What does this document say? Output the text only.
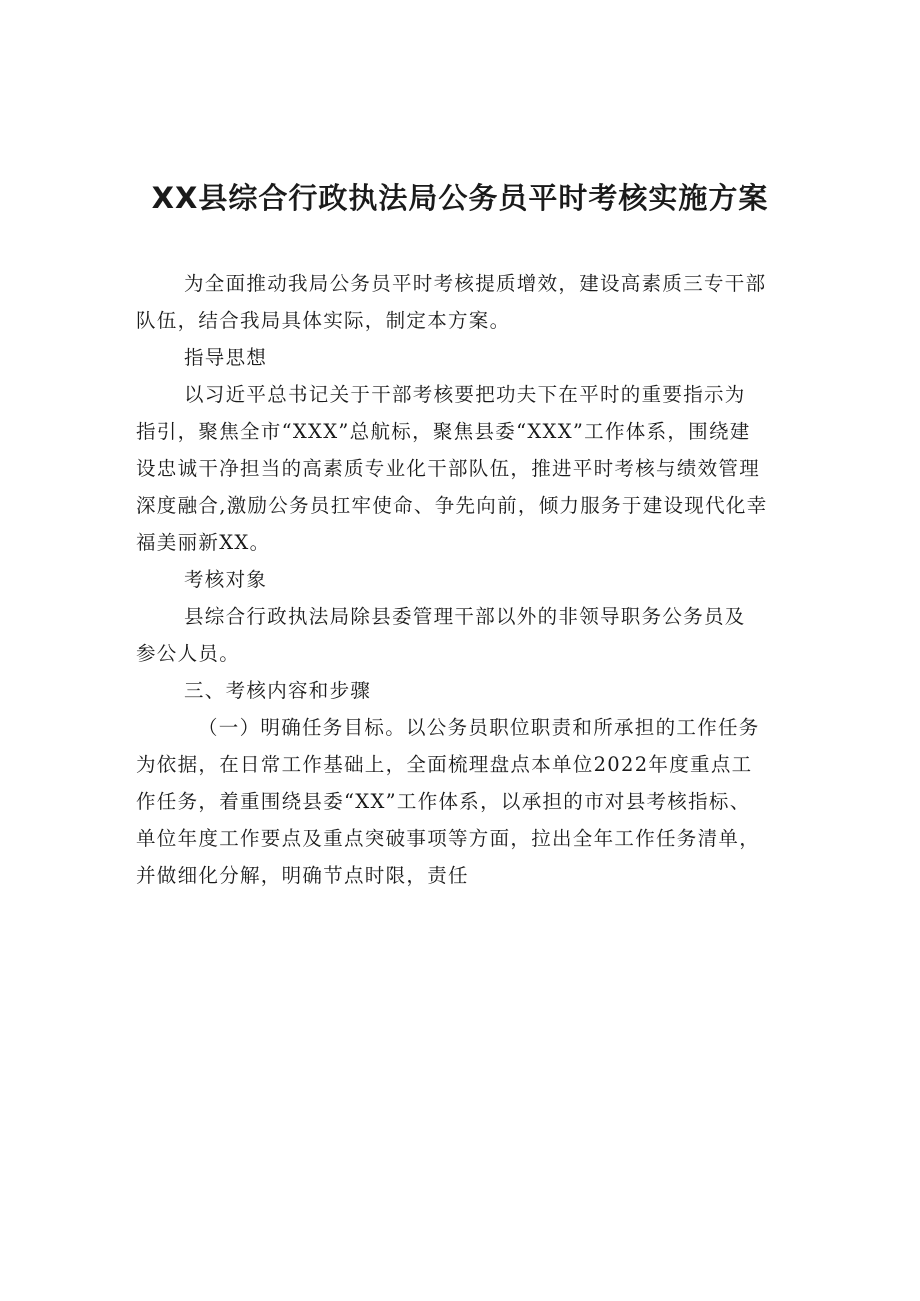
XX县综合行政执法局公务员平时考核实施方案

为全面推动我局公务员平时考核提质增效，建设高素质三专干部
队伍，结合我局具体实际，制定本方案。

指导思想

以习近平总书记关于干部考核要把功夫下在平时的重要指示为
指引，聚焦全市“XXX”总航标，聚焦县委“XXX”工作体系，围绕建
设忠诚干净担当的高素质专业化干部队伍，推进平时考核与绩效管理
深度融合,激励公务员扛牢使命、争先向前，倾力服务于建设现代化幸
福美丽新XX。

考核对象

县综合行政执法局除县委管理干部以外的非领导职务公务员及
参公人员。

三、考核内容和步骤

（一）明确任务目标。以公务员职位职责和所承担的工作任务
为依据，在日常工作基础上，全面梳理盘点本单位2022年度重点工
作任务，着重围绕县委“XX”工作体系，以承担的市对县考核指标、
单位年度工作要点及重点突破事项等方面，拉出全年工作任务清单，
并做细化分解，明确节点时限，责任
